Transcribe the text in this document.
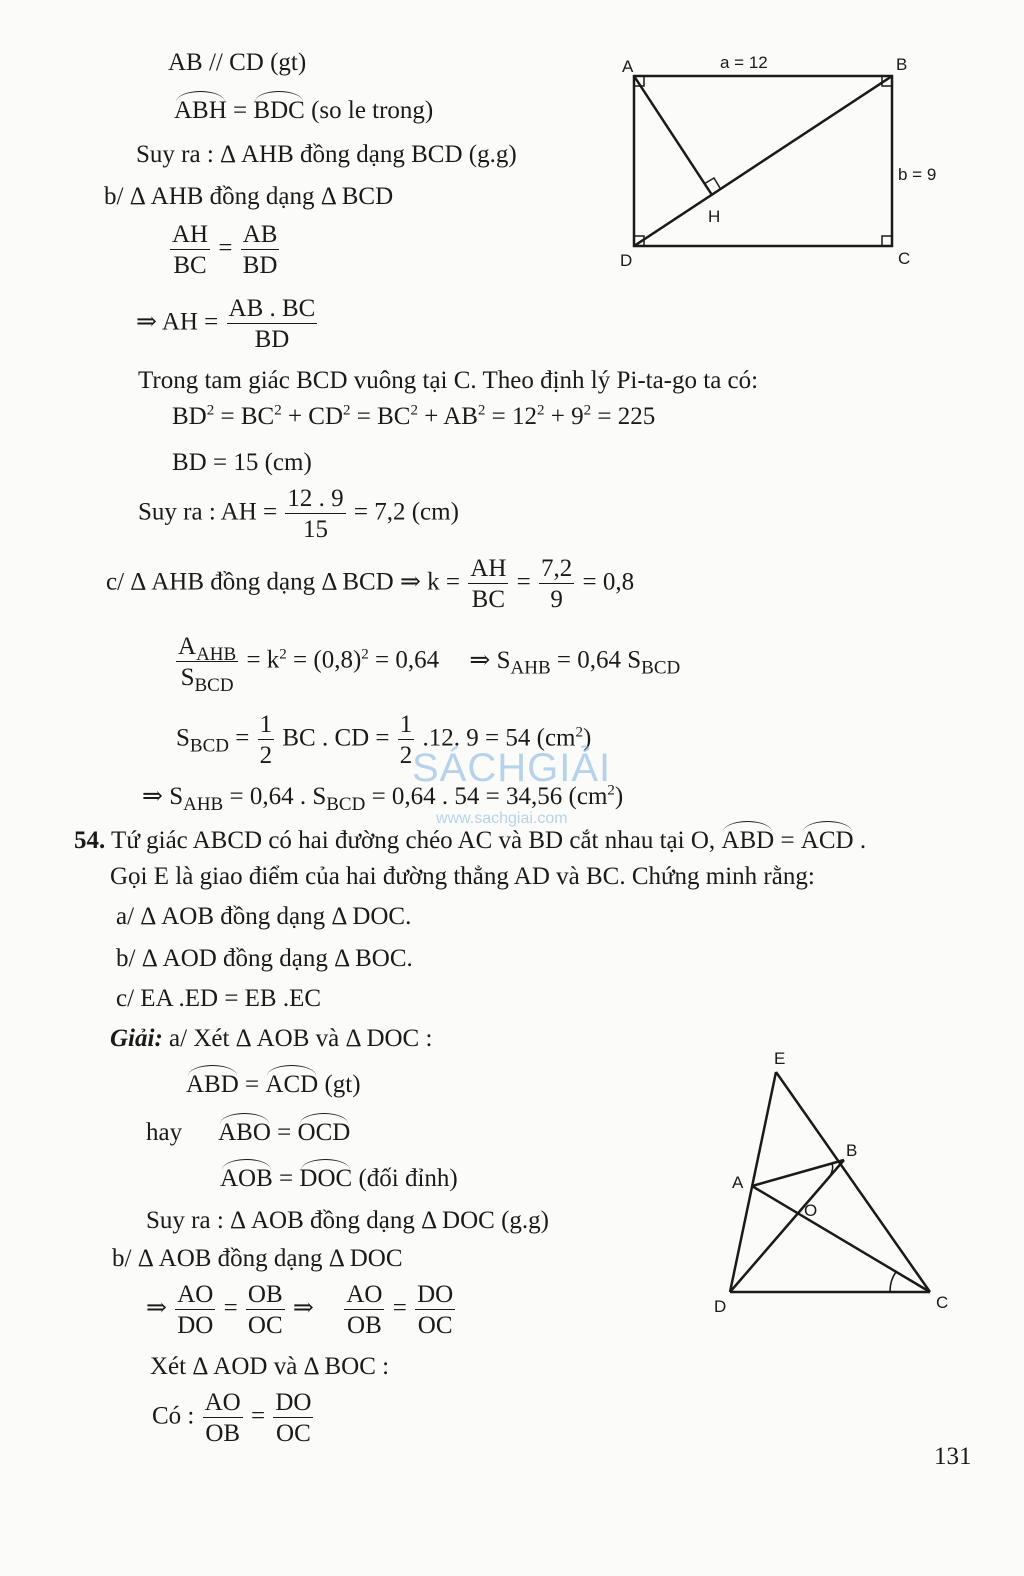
AB // CD (gt)
ABH = BDC (so le trong)
Suy ra : Δ AHB đồng dạng BCD (g.g)
b/ Δ AHB đồng dạng Δ BCD
$\frac{AH}{BC} = \frac{AB}{BD}$
⇒ AH = $\frac{AB . BC}{BD}$
Trong tam giác BCD vuông tại C. Theo định lý Pi-ta-go ta có:
$BD^2 = BC^2 + CD^2 = BC^2 + AB^2 = 12^2 + 9^2 = 225$
BD = 15 (cm)
Suy ra : AH = $\frac{12 . 9}{15} = 7,2$ (cm)
c/ Δ AHB đồng dạng Δ BCD ⇒ $k = \frac{AH}{BC} = \frac{7,2}{9} = 0,8$
$\frac{A_{AHB}}{S_{BCD}} = k^2 = (0,8)^2 = 0,64$ ⇒ $S_{AHB} = 0,64$ $S_{BCD}$
$S_{BCD} = \frac{1}{2}$ BC . CD = $\frac{1}{2} .12$. 9 = 54 $(cm^2)$
⇒ $S_{AHB} = 0,64$ . $S_{BCD} = 0,64$ . 54 = 34,56 $(cm^2)$
54. Tứ giác ABCD có hai đường chéo AC và BD cắt nhau tại O, ABD = ACD .
Gọi E là giao điểm của hai đường thẳng AD và BC. Chứng minh rằng:
a/ Δ AOB đồng dạng Δ DOC.
b/ Δ AOD đồng dạng Δ BOC.
c/ EA .ED = EB .EC
Giải: a/ Xét Δ AOB và Δ DOC :
ABD = ACD (gt)
hay ABO = OCD
AOB = DOC (đối đỉnh)
Suy ra : Δ AOB đồng dạng Δ DOC (g.g)
b/ Δ AOB đồng dạng Δ DOC
⇒ $\frac{AO}{DO} = \frac{OB}{OC}$ ⇒ $\frac{AO}{OB} = \frac{DO}{OC}$
Xét Δ AOD và Δ BOC :
Có : $\frac{AO}{OB} = \frac{DO}{OC}$
131
A	B
C
D
H
a = 12
b = 9
E
A
B
O
D	C
SÁCHGIẢI
www.sachgiai.com
